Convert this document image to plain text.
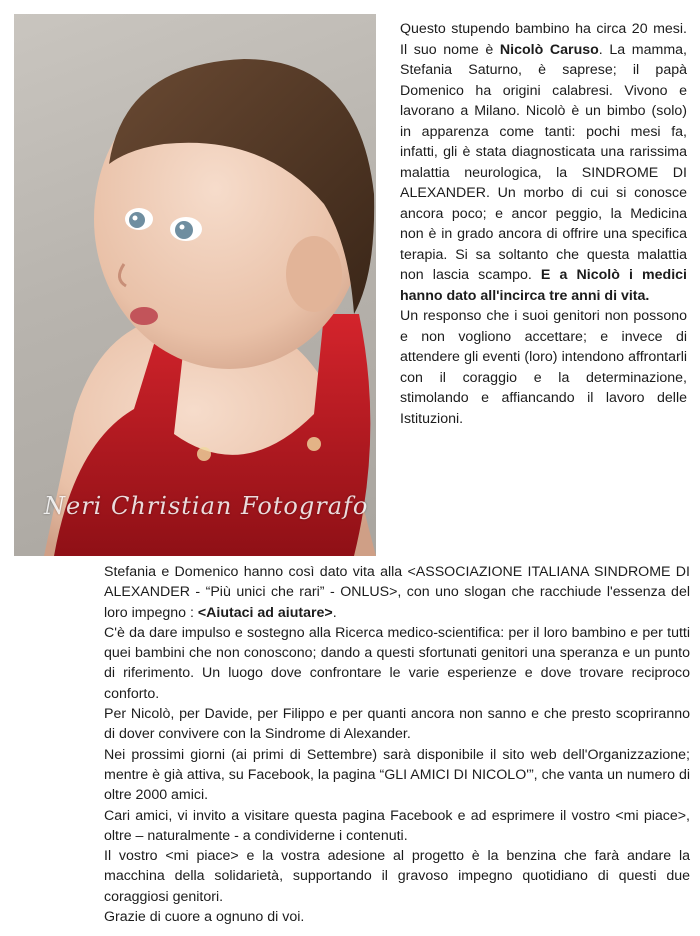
Neri Christian Fotografo

Questo stupendo bambino ha circa 20 mesi. Il suo nome è Nicolò Caruso. La mamma, Stefania Saturno, è saprese; il papà Domenico ha origini calabresi. Vivono e lavorano a Milano. Nicolò è un bimbo (solo) in apparenza come tanti: pochi mesi fa, infatti, gli è stata diagnosticata una rarissima malattia neurologica, la SINDROME DI ALEXANDER. Un morbo di cui si conosce ancora poco; e ancor peggio, la Medicina non è in grado ancora di offrire una specifica terapia. Si sa soltanto che questa malattia non lascia scampo. E a Nicolò i medici hanno dato all'incirca tre anni di vita.

Un responso che i suoi genitori non possono e non vogliono accettare; e invece di attendere gli eventi (loro) intendono affrontarli con il coraggio e la determinazione, stimolando e affiancando il lavoro delle Istituzioni.

Stefania e Domenico hanno così dato vita alla <ASSOCIAZIONE ITALIANA SINDROME DI ALEXANDER - “Più unici che rari” - ONLUS>, con uno slogan che racchiude l'essenza del loro impegno : <Aiutaci ad aiutare>.

C'è da dare impulso e sostegno alla Ricerca medico-scientifica: per il loro bambino e per tutti quei bambini che non conoscono; dando a questi sfortunati genitori una speranza e un punto di riferimento. Un luogo dove confrontare le varie esperienze e dove trovare reciproco conforto.

Per Nicolò, per Davide, per Filippo e per quanti ancora non sanno e che presto scopriranno di dover convivere con la Sindrome di Alexander.

Nei prossimi giorni (ai primi di Settembre) sarà disponibile il sito web dell'Organizzazione; mentre è già attiva, su Facebook, la pagina “GLI AMICI DI NICOLO'”, che vanta un numero di oltre 2000 amici.

Cari amici, vi invito a visitare questa pagina Facebook e ad esprimere il vostro <mi piace>, oltre – naturalmente - a condividerne i contenuti.

Il vostro <mi piace> e la vostra adesione al progetto è la benzina che farà andare la macchina della solidarietà, supportando il gravoso impegno quotidiano di questi due coraggiosi genitori.

Grazie di cuore a ognuno di voi.
